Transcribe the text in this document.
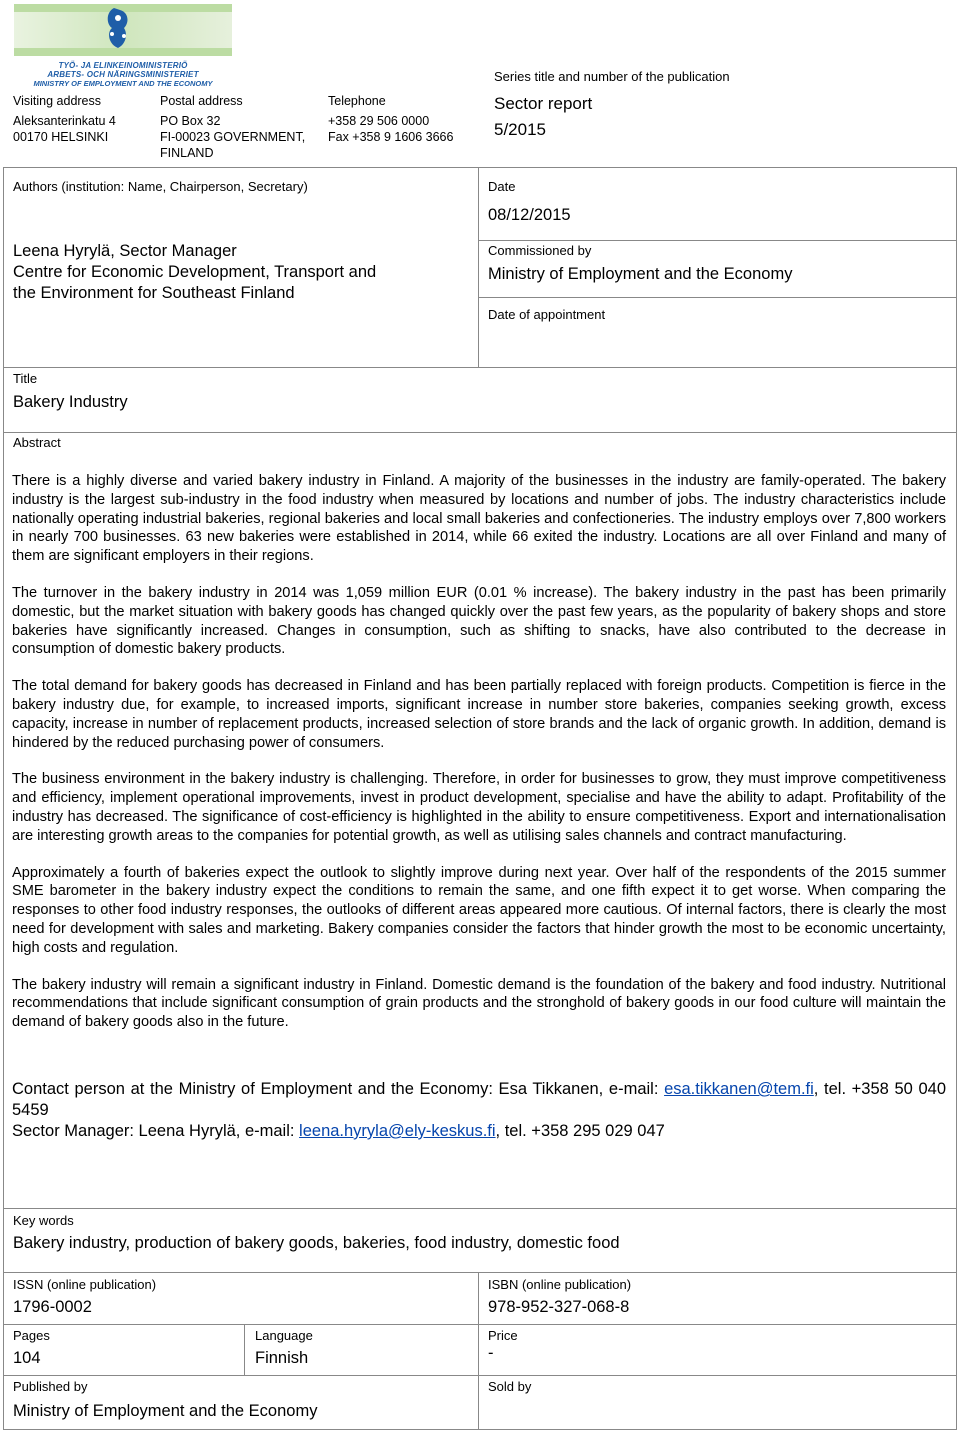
TYÖ- JA ELINKEINOMINISTERIÖ
ARBETS- OCH NÄRINGSMINISTERIET
MINISTRY OF EMPLOYMENT AND THE ECONOMY
Visiting address
Aleksanterinkatu 4
00170 HELSINKI
Postal address
PO Box 32
FI-00023 GOVERNMENT,
FINLAND
Telephone
+358 29 506 0000
Fax +358 9 1606 3666
Series title and number of the publication
Sector report
5/2015
Authors (institution: Name, Chairperson, Secretary)
Leena Hyrylä, Sector Manager
Centre for Economic Development, Transport and
the Environment for Southeast Finland
Date
08/12/2015
Commissioned by
Ministry of Employment and the Economy
Date of appointment
Title
Bakery Industry
Abstract

There is a highly diverse and varied bakery industry in Finland. A majority of the businesses in the industry are family-operated. The bakery industry is the largest sub-industry in the food industry when measured by locations and number of jobs. The industry characteristics include nationally operating industrial bakeries, regional bakeries and local small bakeries and confectioneries. The industry employs over 7,800 workers in nearly 700 businesses. 63 new bakeries were established in 2014, while 66 exited the industry. Locations are all over Finland and many of them are significant employers in their regions.

The turnover in the bakery industry in 2014 was 1,059 million EUR (0.01 % increase). The bakery industry in the past has been primarily domestic, but the market situation with bakery goods has changed quickly over the past few years, as the popularity of bakery shops and store bakeries have significantly increased. Changes in consumption, such as shifting to snacks, have also contributed to the decrease in consumption of domestic bakery products.

The total demand for bakery goods has decreased in Finland and has been partially replaced with foreign products. Competition is fierce in the bakery industry due, for example, to increased imports, significant increase in number store bakeries, companies seeking growth, excess capacity, increase in number of replacement products, increased selection of store brands and the lack of organic growth. In addition, demand is hindered by the reduced purchasing power of consumers.

The business environment in the bakery industry is challenging. Therefore, in order for businesses to grow, they must improve competitiveness and efficiency, implement operational improvements, invest in product development, specialise and have the ability to adapt. Profitability of the industry has decreased. The significance of cost-efficiency is highlighted in the ability to ensure competitiveness. Export and internationalisation are interesting growth areas to the companies for potential growth, as well as utilising sales channels and contract manufacturing.

Approximately a fourth of bakeries expect the outlook to slightly improve during next year. Over half of the respondents of the 2015 summer SME barometer in the bakery industry expect the conditions to remain the same, and one fifth expect it to get worse. When comparing the responses to other food industry responses, the outlooks of different areas appeared more cautious. Of internal factors, there is clearly the most need for development with sales and marketing. Bakery companies consider the factors that hinder growth the most to be economic uncertainty, high costs and regulation.

The bakery industry will remain a significant industry in Finland. Domestic demand is the foundation of the bakery and food industry. Nutritional recommendations that include significant consumption of grain products and the stronghold of bakery goods in our food culture will maintain the demand of bakery goods also in the future.

Contact person at the Ministry of Employment and the Economy: Esa Tikkanen, e-mail: esa.tikkanen@tem.fi, tel. +358 50 040 5459
Sector Manager: Leena Hyrylä, e-mail: leena.hyryla@ely-keskus.fi, tel. +358 295 029 047
Key words
Bakery industry, production of bakery goods, bakeries, food industry, domestic food
ISSN (online publication)
1796-0002
ISBN (online publication)
978-952-327-068-8
Pages
104
Language
Finnish
Price
-
Published by
Ministry of Employment and the Economy
Sold by
